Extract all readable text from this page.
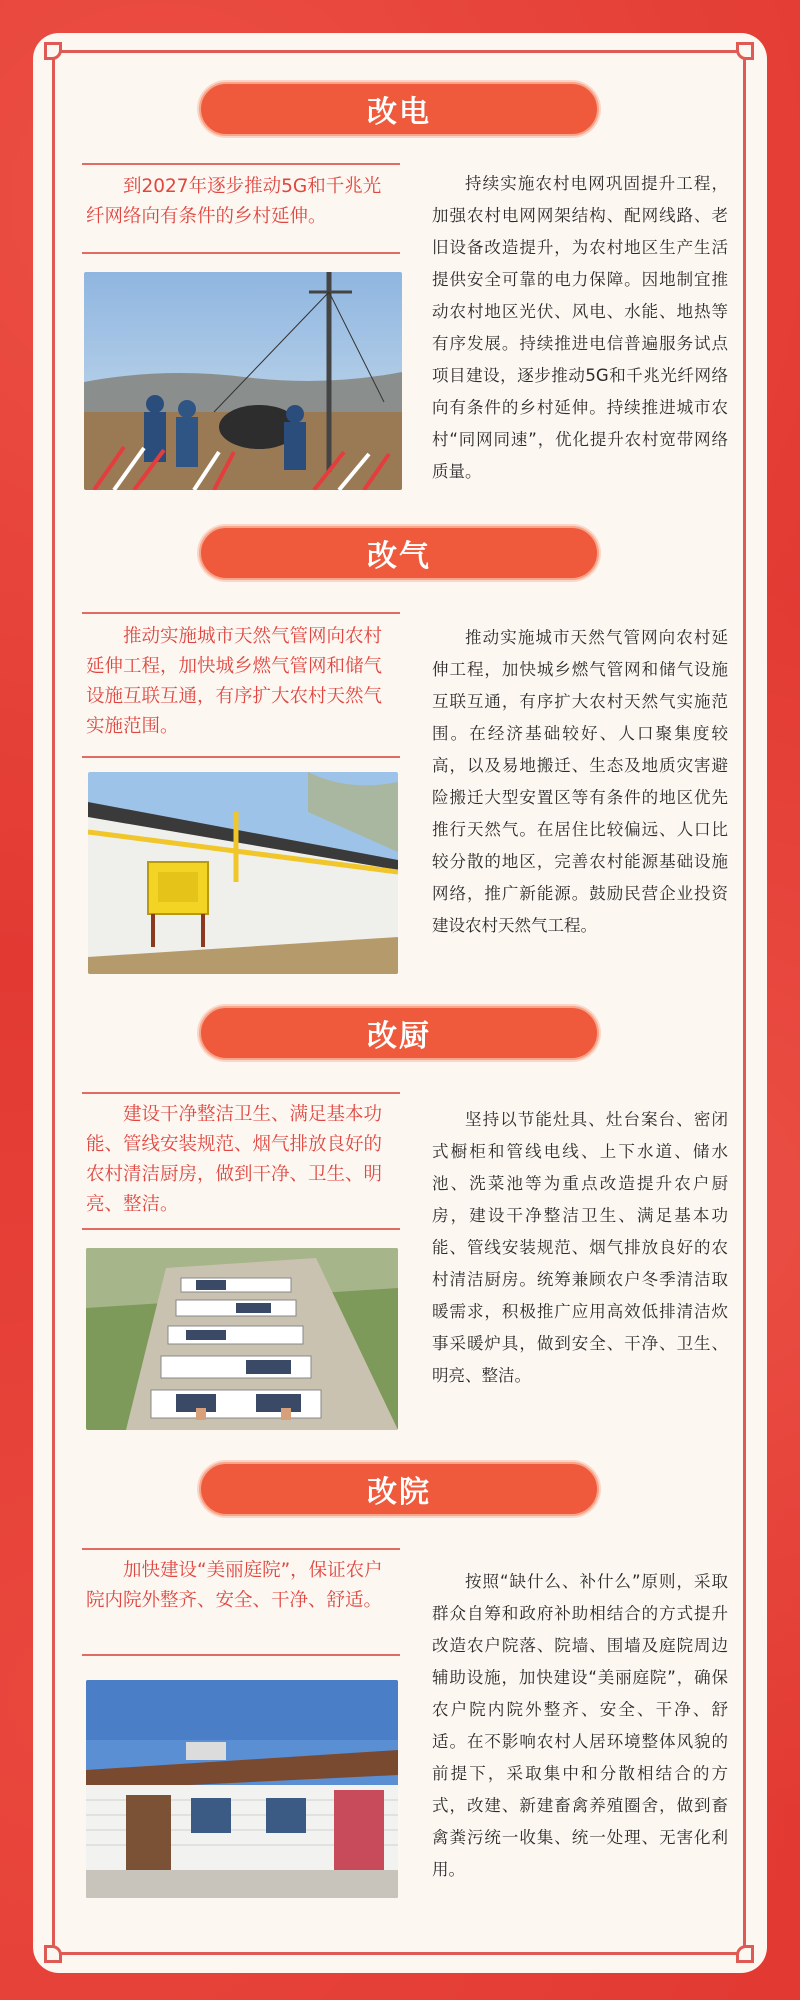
改电
到2027年逐步推动5G和千兆光纤网络向有条件的乡村延伸。
持续实施农村电网巩固提升工程，加强农村电网网架结构、配网线路、老旧设备改造提升，为农村地区生产生活提供安全可靠的电力保障。因地制宜推动农村地区光伏、风电、水能、地热等有序发展。持续推进电信普遍服务试点项目建设，逐步推动5G和千兆光纤网络向有条件的乡村延伸。持续推进城市农村“同网同速”，优化提升农村宽带网络质量。
改气
推动实施城市天然气管网向农村延伸工程，加快城乡燃气管网和储气设施互联互通，有序扩大农村天然气实施范围。
推动实施城市天然气管网向农村延伸工程，加快城乡燃气管网和储气设施互联互通，有序扩大农村天然气实施范围。在经济基础较好、人口聚集度较高，以及易地搬迁、生态及地质灾害避险搬迁大型安置区等有条件的地区优先推行天然气。在居住比较偏远、人口比较分散的地区，完善农村能源基础设施网络，推广新能源。鼓励民营企业投资建设农村天然气工程。
改厨
建设干净整洁卫生、满足基本功能、管线安装规范、烟气排放良好的农村清洁厨房，做到干净、卫生、明亮、整洁。
坚持以节能灶具、灶台案台、密闭式橱柜和管线电线、上下水道、储水池、洗菜池等为重点改造提升农户厨房，建设干净整洁卫生、满足基本功能、管线安装规范、烟气排放良好的农村清洁厨房。统筹兼顾农户冬季清洁取暖需求，积极推广应用高效低排清洁炊事采暖炉具，做到安全、干净、卫生、明亮、整洁。
改院
加快建设“美丽庭院”，保证农户院内院外整齐、安全、干净、舒适。
按照“缺什么、补什么”原则，采取群众自筹和政府补助相结合的方式提升改造农户院落、院墙、围墙及庭院周边辅助设施，加快建设“美丽庭院”，确保农户院内院外整齐、安全、干净、舒适。在不影响农村人居环境整体风貌的前提下，采取集中和分散相结合的方式，改建、新建畜禽养殖圈舍，做到畜禽粪污统一收集、统一处理、无害化利用。
